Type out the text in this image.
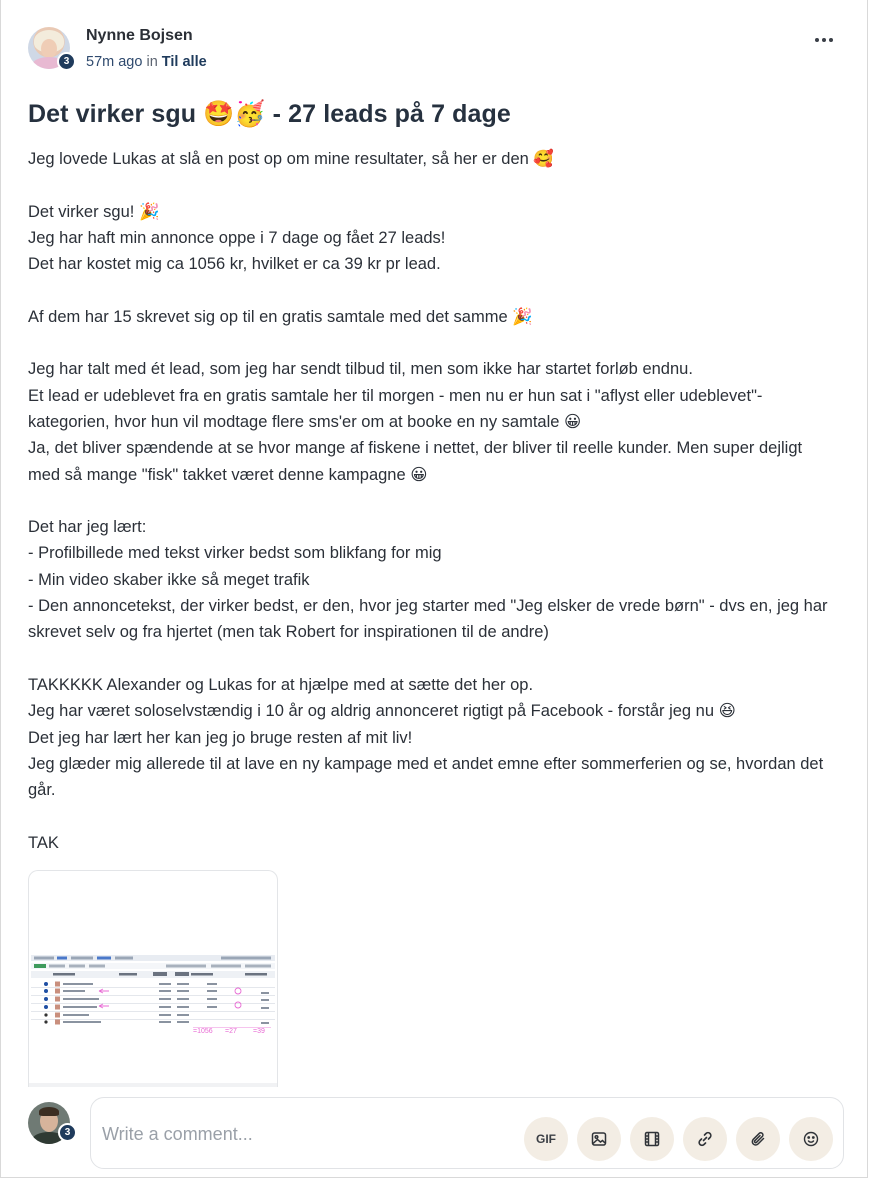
3
Nynne Bojsen
57m ago in Til alle
Det virker sgu 🤩🥳 - 27 leads på 7 dage

Jeg lovede Lukas at slå en post op om mine resultater, så her er den 🥰

Det virker sgu! 🎉

Jeg har haft min annonce oppe i 7 dage og fået 27 leads!

Det har kostet mig ca 1056 kr, hvilket er ca 39 kr pr lead.

Af dem har 15 skrevet sig op til en gratis samtale med det samme 🎉

Jeg har talt med ét lead, som jeg har sendt tilbud til, men som ikke har startet forløb endnu.

Et lead er udeblevet fra en gratis samtale her til morgen - men nu er hun sat i "aflyst eller udeblevet"-kategorien, hvor hun vil modtage flere sms'er om at booke en ny samtale 😀

Ja, det bliver spændende at se hvor mange af fiskene i nettet, der bliver til reelle kunder. Men super dejligt med så mange "fisk" takket været denne kampagne 😀

Det har jeg lært:

- Profilbillede med tekst virker bedst som blikfang for mig

- Min video skaber ikke så meget trafik

- Den annoncetekst, der virker bedst, er den, hvor jeg starter med "Jeg elsker de vrede børn" - dvs en, jeg har skrevet selv og fra hjertet (men tak Robert for inspirationen til de andre)

TAKKKKK Alexander og Lukas for at hjælpe med at sætte det her op.

Jeg har været soloselvstændig i 10 år og aldrig annonceret rigtigt på Facebook - forstår jeg nu 😆

Det jeg har lært her kan jeg jo bruge resten af mit liv!

Jeg glæder mig allerede til at lave en ny kampage med et andet emne efter sommerferien og se, hvordan det går.

TAK

=1056 =27 =39
3
Write a comment...	GIF
